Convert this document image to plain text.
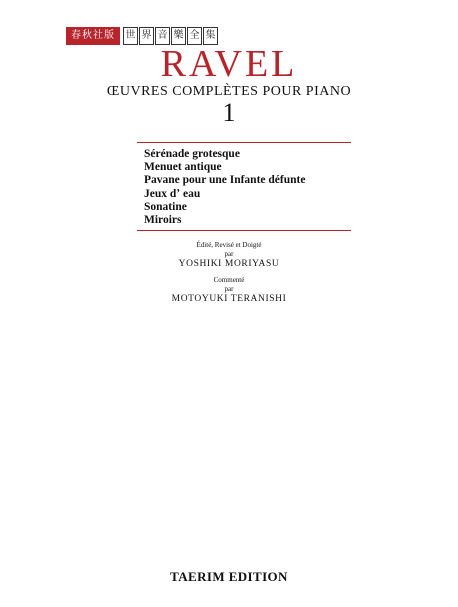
春秋社版	世 界 音 樂 全 集
RAVEL
ŒUVRES COMPLÈTES POUR PIANO
1
Sérénade grotesque
Menuet antique
Pavane pour une Infante défunte
Jeux dʼ eau
Sonatine
Miroirs
Édité, Revisé et Doigté
par
YOSHIKI MORIYASU
Commenté
par
MOTOYUKI TERANISHI
TAERIM EDITION
